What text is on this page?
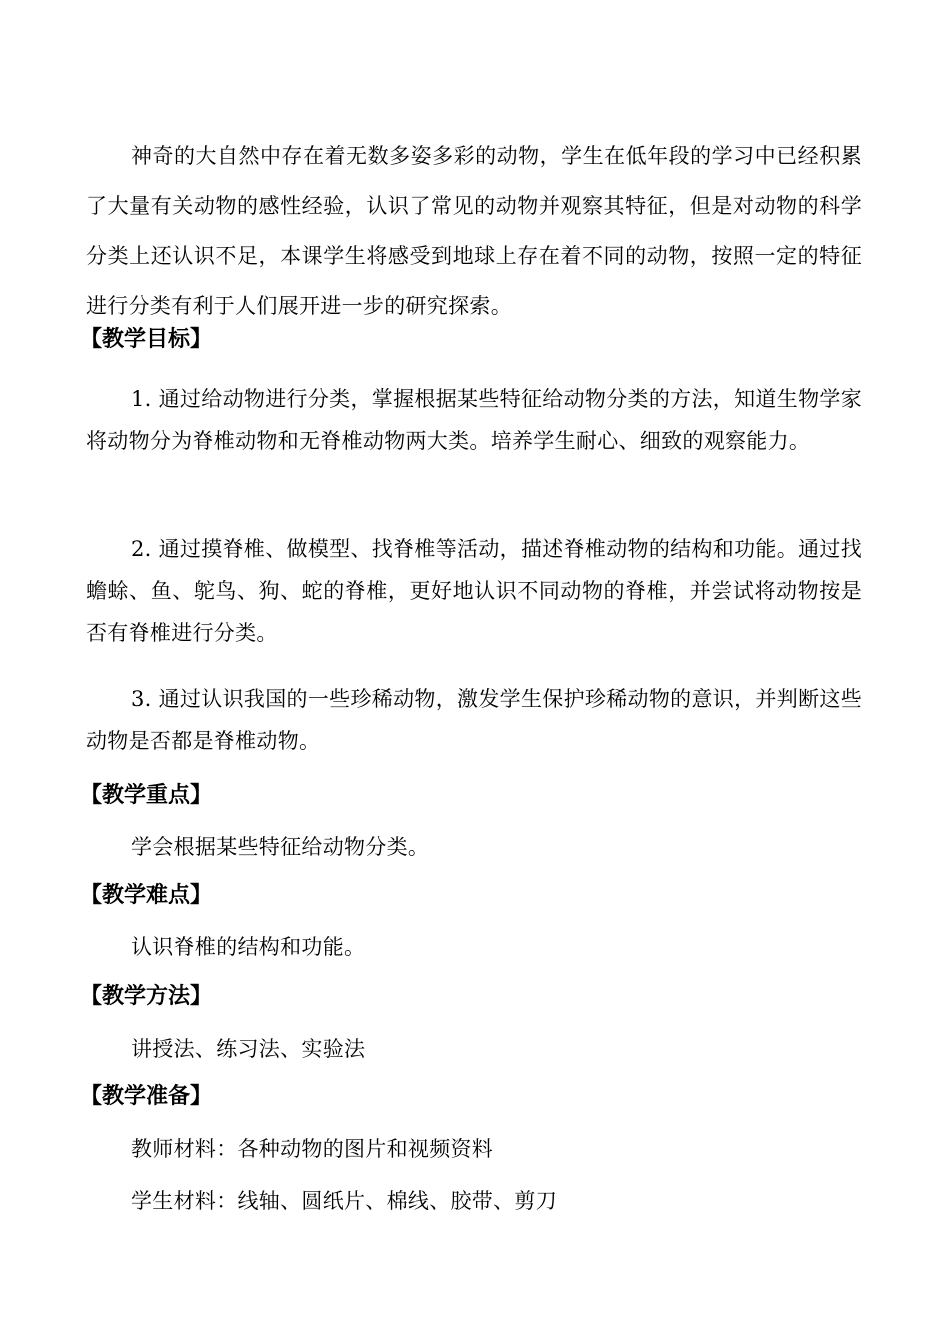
神奇的大自然中存在着无数多姿多彩的动物，学生在低年段的学习中已经积累了大量有关动物的感性经验，认识了常见的动物并观察其特征，但是对动物的科学分类上还认识不足，本课学生将感受到地球上存在着不同的动物，按照一定的特征进行分类有利于人们展开进一步的研究探索。

【教学目标】

1. 通过给动物进行分类，掌握根据某些特征给动物分类的方法，知道生物学家将动物分为脊椎动物和无脊椎动物两大类。培养学生耐心、细致的观察能力。

2. 通过摸脊椎、做模型、找脊椎等活动，描述脊椎动物的结构和功能。通过找蟾蜍、鱼、鸵鸟、狗、蛇的脊椎，更好地认识不同动物的脊椎，并尝试将动物按是否有脊椎进行分类。

3. 通过认识我国的一些珍稀动物，激发学生保护珍稀动物的意识，并判断这些动物是否都是脊椎动物。

【教学重点】

学会根据某些特征给动物分类。

【教学难点】

认识脊椎的结构和功能。

【教学方法】

讲授法、练习法、实验法

【教学准备】

教师材料：各种动物的图片和视频资料

学生材料：线轴、圆纸片、棉线、胶带、剪刀
